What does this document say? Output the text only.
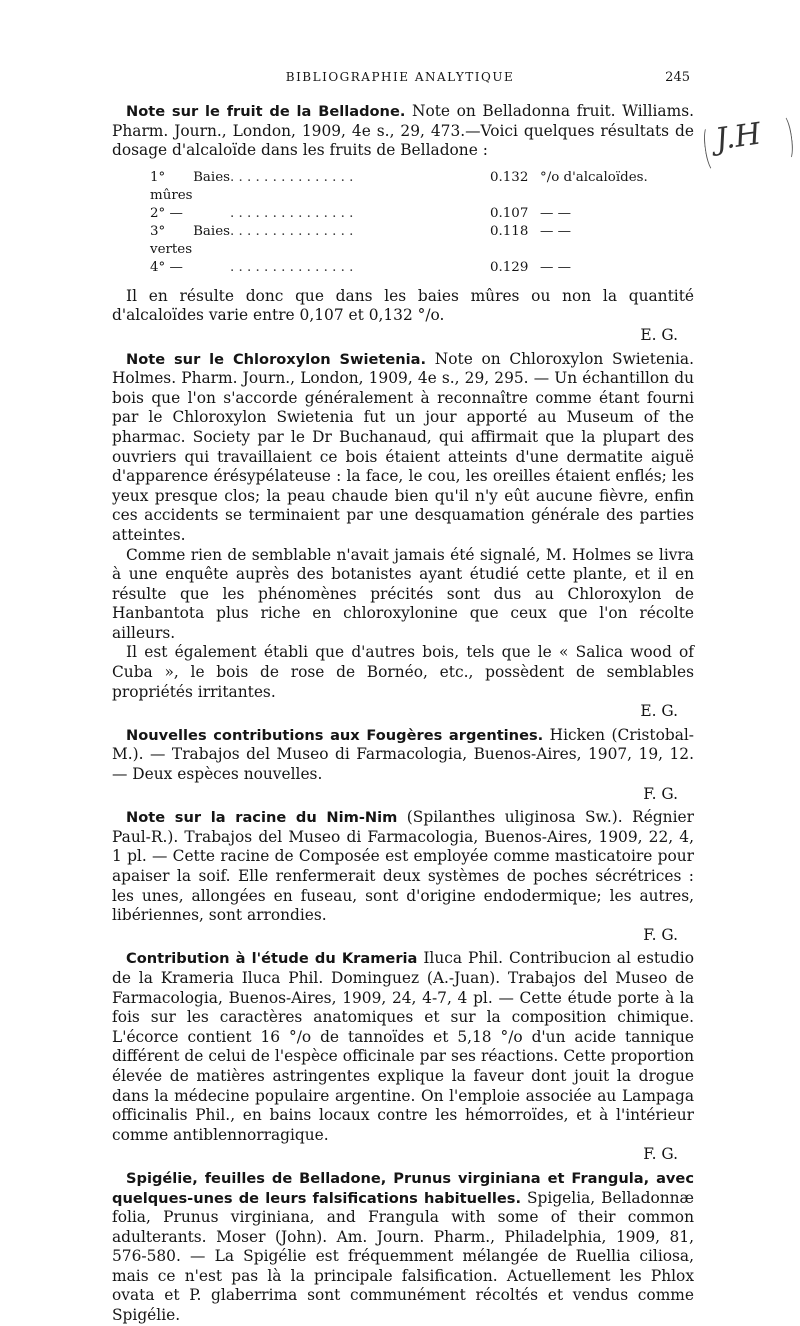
BIBLIOGRAPHIE ANALYTIQUE	245
J.H

Note sur le fruit de la Belladone. Note on Belladonna fruit. Williams. Pharm. Journ., London, 1909, 4e s., 29, 473.—Voici quelques résultats de dosage d'alcaloïde dans les fruits de Belladone :

1° Baies mûres	. . . . . . . . . . . . . . .	0.132	°/o d'alcaloïdes.
2° —	. . . . . . . . . . . . . . .	0.107	— —
3° Baies vertes	. . . . . . . . . . . . . . .	0.118	— —
4° —	. . . . . . . . . . . . . . .	0.129	— —

Il en résulte donc que dans les baies mûres ou non la quantité d'alcaloïdes varie entre 0,107 et 0,132 °/o.

E. G.

Note sur le Chloroxylon Swietenia. Note on Chloroxylon Swietenia. Holmes. Pharm. Journ., London, 1909, 4e s., 29, 295. — Un échantillon du bois que l'on s'accorde généralement à reconnaître comme étant fourni par le Chloroxylon Swietenia fut un jour apporté au Museum of the pharmac. Society par le Dr Buchanaud, qui affirmait que la plupart des ouvriers qui travaillaient ce bois étaient atteints d'une dermatite aiguë d'apparence érésypélateuse : la face, le cou, les oreilles étaient enflés; les yeux presque clos; la peau chaude bien qu'il n'y eût aucune fièvre, enfin ces accidents se terminaient par une desquamation générale des parties atteintes.

Comme rien de semblable n'avait jamais été signalé, M. Holmes se livra à une enquête auprès des botanistes ayant étudié cette plante, et il en résulte que les phénomènes précités sont dus au Chloroxylon de Hanbantota plus riche en chloroxylonine que ceux que l'on récolte ailleurs.

Il est également établi que d'autres bois, tels que le « Salica wood of Cuba », le bois de rose de Bornéo, etc., possèdent de semblables propriétés irritantes.

E. G.

Nouvelles contributions aux Fougères argentines. Hicken (Cristobal-M.). — Trabajos del Museo di Farmacologia, Buenos-Aires, 1907, 19, 12. — Deux espèces nouvelles.

F. G.

Note sur la racine du Nim-Nim (Spilanthes uliginosa Sw.). Régnier Paul-R.). Trabajos del Museo di Farmacologia, Buenos-Aires, 1909, 22, 4, 1 pl. — Cette racine de Composée est employée comme masticatoire pour apaiser la soif. Elle renfermerait deux systèmes de poches sécrétrices : les unes, allongées en fuseau, sont d'origine endodermique; les autres, libériennes, sont arrondies.

F. G.

Contribution à l'étude du Krameria Iluca Phil. Contribucion al estudio de la Krameria Iluca Phil. Dominguez (A.-Juan). Trabajos del Museo de Farmacologia, Buenos-Aires, 1909, 24, 4-7, 4 pl. — Cette étude porte à la fois sur les caractères anatomiques et sur la composition chimique. L'écorce contient 16 °/o de tannoïdes et 5,18 °/o d'un acide tannique différent de celui de l'espèce officinale par ses réactions. Cette proportion élevée de matières astringentes explique la faveur dont jouit la drogue dans la médecine populaire argentine. On l'emploie associée au Lampaga officinalis Phil., en bains locaux contre les hémorroïdes, et à l'intérieur comme antiblennorragique.

F. G.

Spigélie, feuilles de Belladone, Prunus virginiana et Frangula, avec quelques-unes de leurs falsifications habituelles. Spigelia, Belladonnæ folia, Prunus virginiana, and Frangula with some of their common adulterants. Moser (John). Am. Journ. Pharm., Philadelphia, 1909, 81, 576-580. — La Spigélie est fréquemment mélangée de Ruellia ciliosa, mais ce n'est pas là la principale falsification. Actuellement les Phlox ovata et P. glaberrima sont communément récoltés et vendus comme Spigélie.
